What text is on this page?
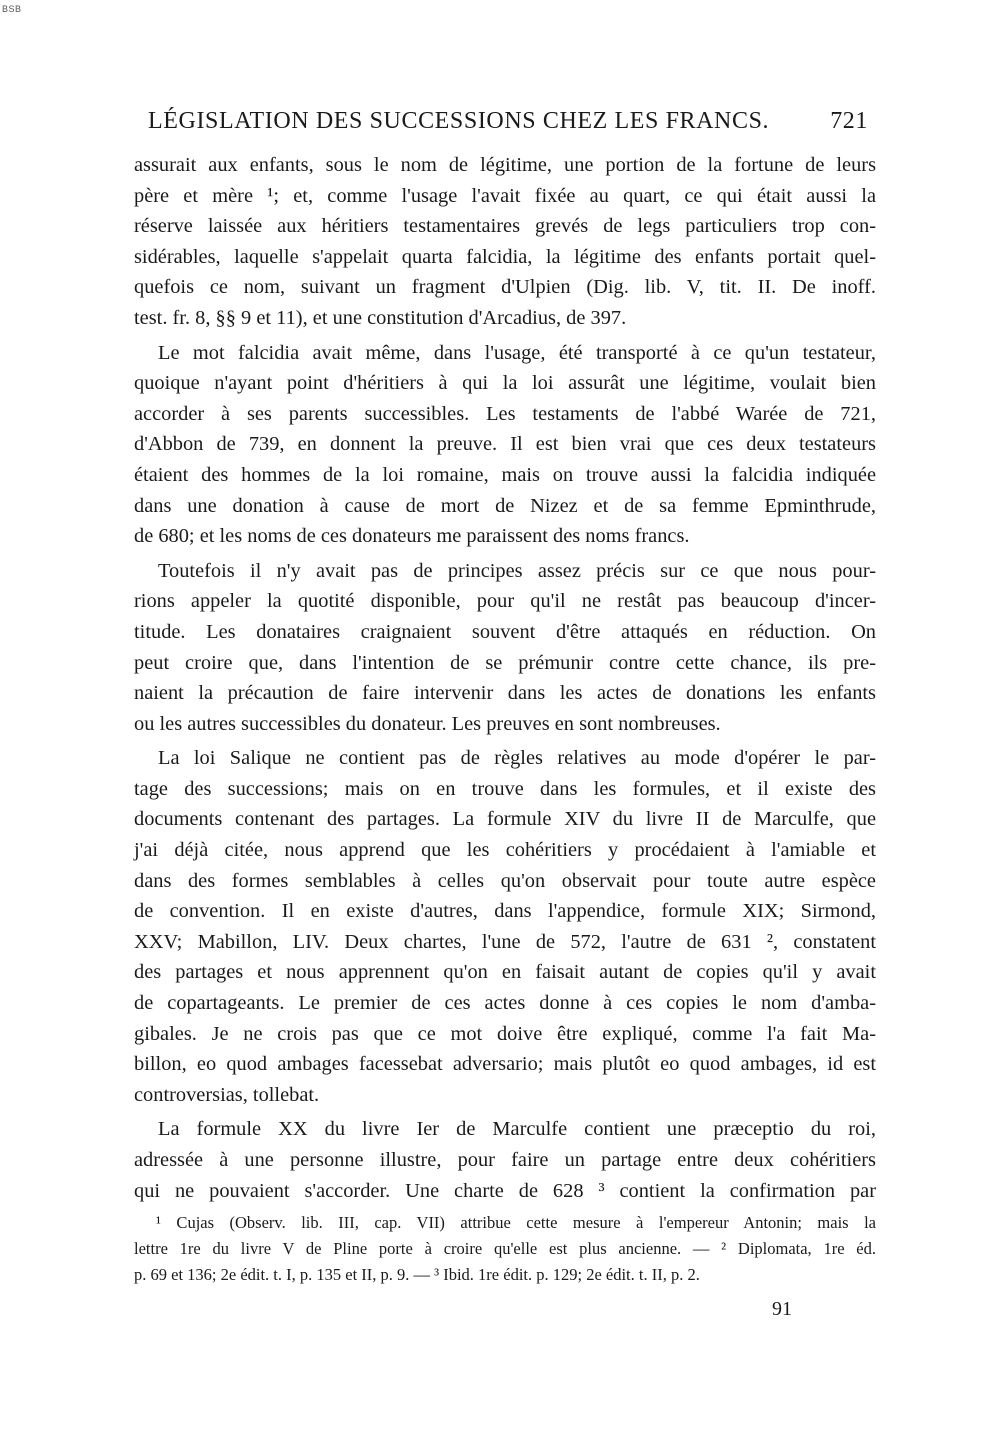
BSB
LÉGISLATION DES SUCCESSIONS CHEZ LES FRANCS.	721
assurait aux enfants, sous le nom de légitime, une portion de la fortune de leurs
père et mère ¹; et, comme l'usage l'avait fixée au quart, ce qui était aussi la
réserve laissée aux héritiers testamentaires grevés de legs particuliers trop con-
sidérables, laquelle s'appelait quarta falcidia, la légitime des enfants portait quel-
quefois ce nom, suivant un fragment d'Ulpien (Dig. lib. V, tit. II. De inoff.
test. fr. 8, §§ 9 et 11), et une constitution d'Arcadius, de 397.
Le mot falcidia avait même, dans l'usage, été transporté à ce qu'un testateur,
quoique n'ayant point d'héritiers à qui la loi assurât une légitime, voulait bien
accorder à ses parents successibles. Les testaments de l'abbé Warée de 721,
d'Abbon de 739, en donnent la preuve. Il est bien vrai que ces deux testateurs
étaient des hommes de la loi romaine, mais on trouve aussi la falcidia indiquée
dans une donation à cause de mort de Nizez et de sa femme Ерminthrude,
de 680; et les noms de ces donateurs me paraissent des noms francs.
Toutefois il n'y avait pas de principes assez précis sur ce que nous pour-
rions appeler la quotité disponible, pour qu'il ne restât pas beaucoup d'incer-
titude. Les donataires craignaient souvent d'être attaqués en réduction. On
peut croire que, dans l'intention de se prémunir contre cette chance, ils pre-
naient la précaution de faire intervenir dans les actes de donations les enfants
ou les autres successibles du donateur. Les preuves en sont nombreuses.
La loi Salique ne contient pas de règles relatives au mode d'opérer le par-
tage des successions; mais on en trouve dans les formules, et il existe des
documents contenant des partages. La formule XIV du livre II de Marculfe, que
j'ai déjà citée, nous apprend que les cohéritiers y procédaient à l'amiable et
dans des formes semblables à celles qu'on observait pour toute autre espèce
de convention. Il en existe d'autres, dans l'appendice, formule XIX; Sirmond,
XXV; Mabillon, LIV. Deux chartes, l'une de 572, l'autre de 631 ², constatent
des partages et nous apprennent qu'on en faisait autant de copies qu'il y avait
de copartageants. Le premier de ces actes donne à ces copies le nom d'amba-
gibales. Je ne crois pas que ce mot doive être expliqué, comme l'a fait Ma-
billon, eo quod ambages facessebat adversario; mais plutôt eo quod ambages, id est
controversias, tollebat.
La formule XX du livre Ier de Marculfe contient une præceptio du roi,
adressée à une personne illustre, pour faire un partage entre deux cohéritiers
qui ne pouvaient s'accorder. Une charte de 628 ³ contient la confirmation par
¹ Cujas (Observ. lib. III, cap. VII) attribue cette mesure à l'empereur Antonin; mais la
lettre 1re du livre V de Pline porte à croire qu'elle est plus ancienne. — ² Diplomata, 1re éd.
p. 69 et 136; 2e édit. t. I, p. 135 et II, p. 9. — ³ Ibid. 1re édit. p. 129; 2e édit. t. II, p. 2.
91
